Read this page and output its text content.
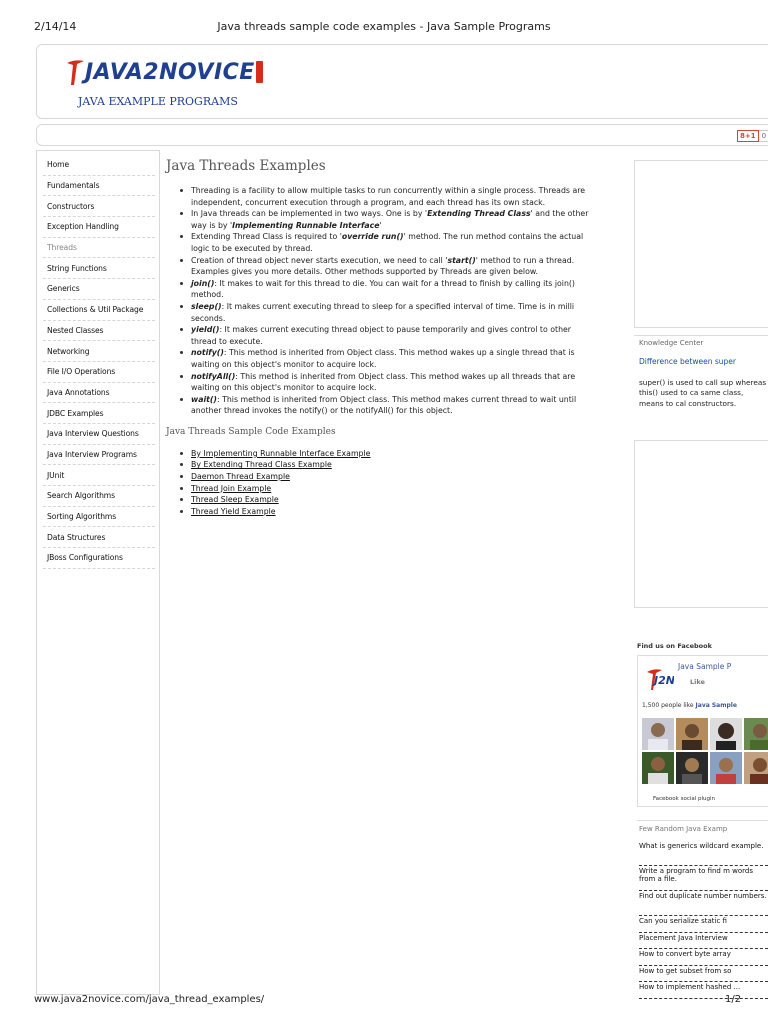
2/14/14	Java threads sample code examples - Java Sample Programs
JAVA2NOVICE
JAVA EXAMPLE PROGRAMS
8+1 0
Home
Fundamentals
Constructors
Exception Handling
Threads
String Functions
Generics
Collections & Util Package
Nested Classes
Networking
File I/O Operations
Java Annotations
JDBC Examples
Java Interview Questions
Java Interview Programs
JUnit
Search Algorithms
Sorting Algorithms
Data Structures
JBoss Configurations
Java Threads Examples
Threading is a facility to allow multiple tasks to run concurrently within a single process. Threads are independent, concurrent execution through a program, and each thread has its own stack.
In Java threads can be implemented in two ways. One is by 'Extending Thread Class' and the other way is by 'Implementing Runnable Interface'
Extending Thread Class is required to 'override run()' method. The run method contains the actual logic to be executed by thread.
Creation of thread object never starts execution, we need to call 'start()' method to run a thread. Examples gives you more details. Other methods supported by Threads are given below.
join(): It makes to wait for this thread to die. You can wait for a thread to finish by calling its join() method.
sleep(): It makes current executing thread to sleep for a specified interval of time. Time is in milli seconds.
yield(): It makes current executing thread object to pause temporarily and gives control to other thread to execute.
notify(): This method is inherited from Object class. This method wakes up a single thread that is waiting on this object's monitor to acquire lock.
notifyAll(): This method is inherited from Object class. This method wakes up all threads that are waiting on this object's monitor to acquire lock.
wait(): This method is inherited from Object class. This method makes current thread to wait until another thread invokes the notify() or the notifyAll() for this object.
Java Threads Sample Code Examples
By Implementing Runnable Interface Example
By Extending Thread Class Example
Daemon Thread Example
Thread Join Example
Thread Sleep Example
Thread Yield Example
Knowledge Center
Difference between super
super() is used to call sup whereas this() used to ca same class, means to cal constructors.
Find us on Facebook
J2N
Java Sample P
Like
1,500 people like Java Sample
Facebook social plugin
Few Random Java Examp
What is generics wildcard example.
Write a program to find m words from a file.
Find out duplicate number numbers.
Can you serialize static fi
Placement Java Interview
How to convert byte array
How to get subset from so
How to implement hashed ...
www.java2novice.com/java_thread_examples/	1/2
